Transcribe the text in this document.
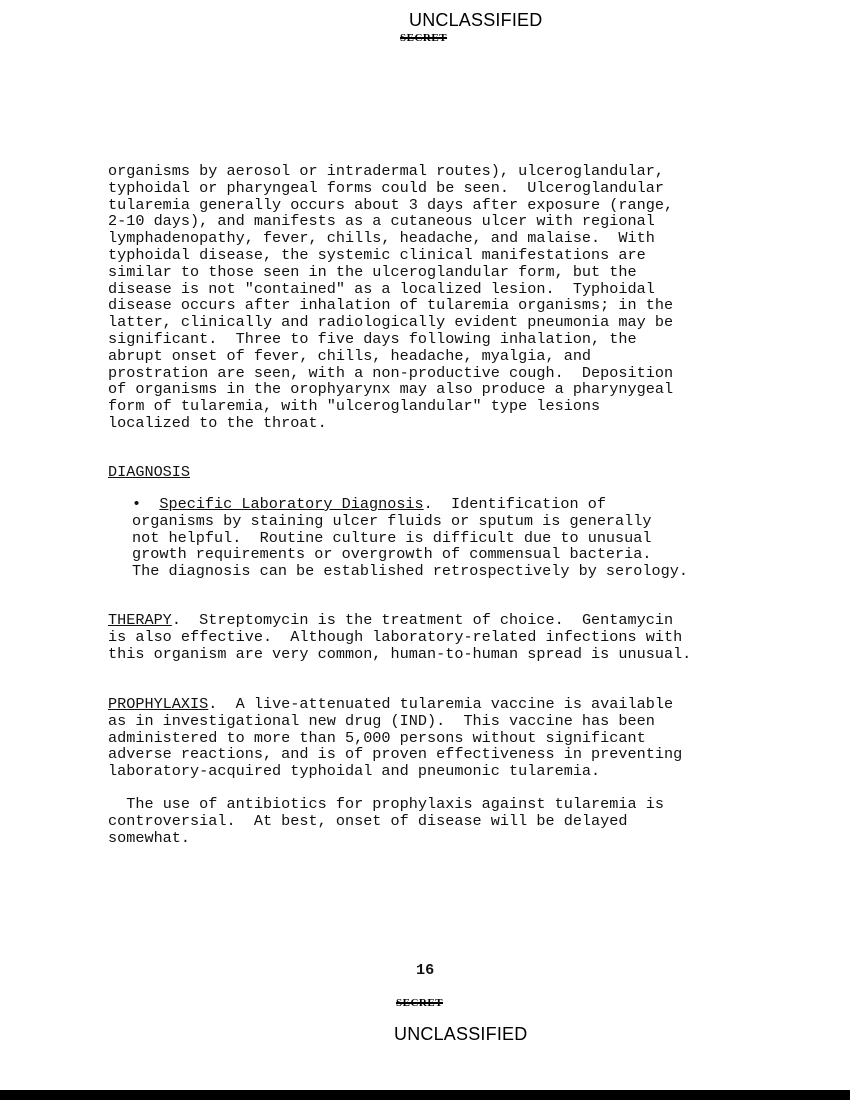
UNCLASSIFIED
SECRET

organisms by aerosol or intradermal routes), ulceroglandular,
typhoidal or pharyngeal forms could be seen.  Ulceroglandular
tularemia generally occurs about 3 days after exposure (range,
2-10 days), and manifests as a cutaneous ulcer with regional
lymphadenopathy, fever, chills, headache, and malaise.  With
typhoidal disease, the systemic clinical manifestations are
similar to those seen in the ulceroglandular form, but the
disease is not "contained" as a localized lesion.  Typhoidal
disease occurs after inhalation of tularemia organisms; in the
latter, clinically and radiologically evident pneumonia may be
significant.  Three to five days following inhalation, the
abrupt onset of fever, chills, headache, myalgia, and
prostration are seen, with a non-productive cough.  Deposition
of organisms in the orophyarynx may also produce a pharynygeal
form of tularemia, with "ulceroglandular" type lesions
localized to the throat.

DIAGNOSIS

• Specific Laboratory Diagnosis.  Identification of
organisms by staining ulcer fluids or sputum is generally
not helpful.  Routine culture is difficult due to unusual
growth requirements or overgrowth of commensual bacteria.
The diagnosis can be established retrospectively by serology.

THERAPY.  Streptomycin is the treatment of choice.  Gentamycin
is also effective.  Although laboratory-related infections with
this organism are very common, human-to-human spread is unusual.

PROPHYLAXIS.  A live-attenuated tularemia vaccine is available
as in investigational new drug (IND).  This vaccine has been
administered to more than 5,000 persons without significant
adverse reactions, and is of proven effectiveness in preventing
laboratory-acquired typhoidal and pneumonic tularemia.

The use of antibiotics for prophylaxis against tularemia is
controversial.  At best, onset of disease will be delayed
somewhat.

16
SECRET
UNCLASSIFIED
